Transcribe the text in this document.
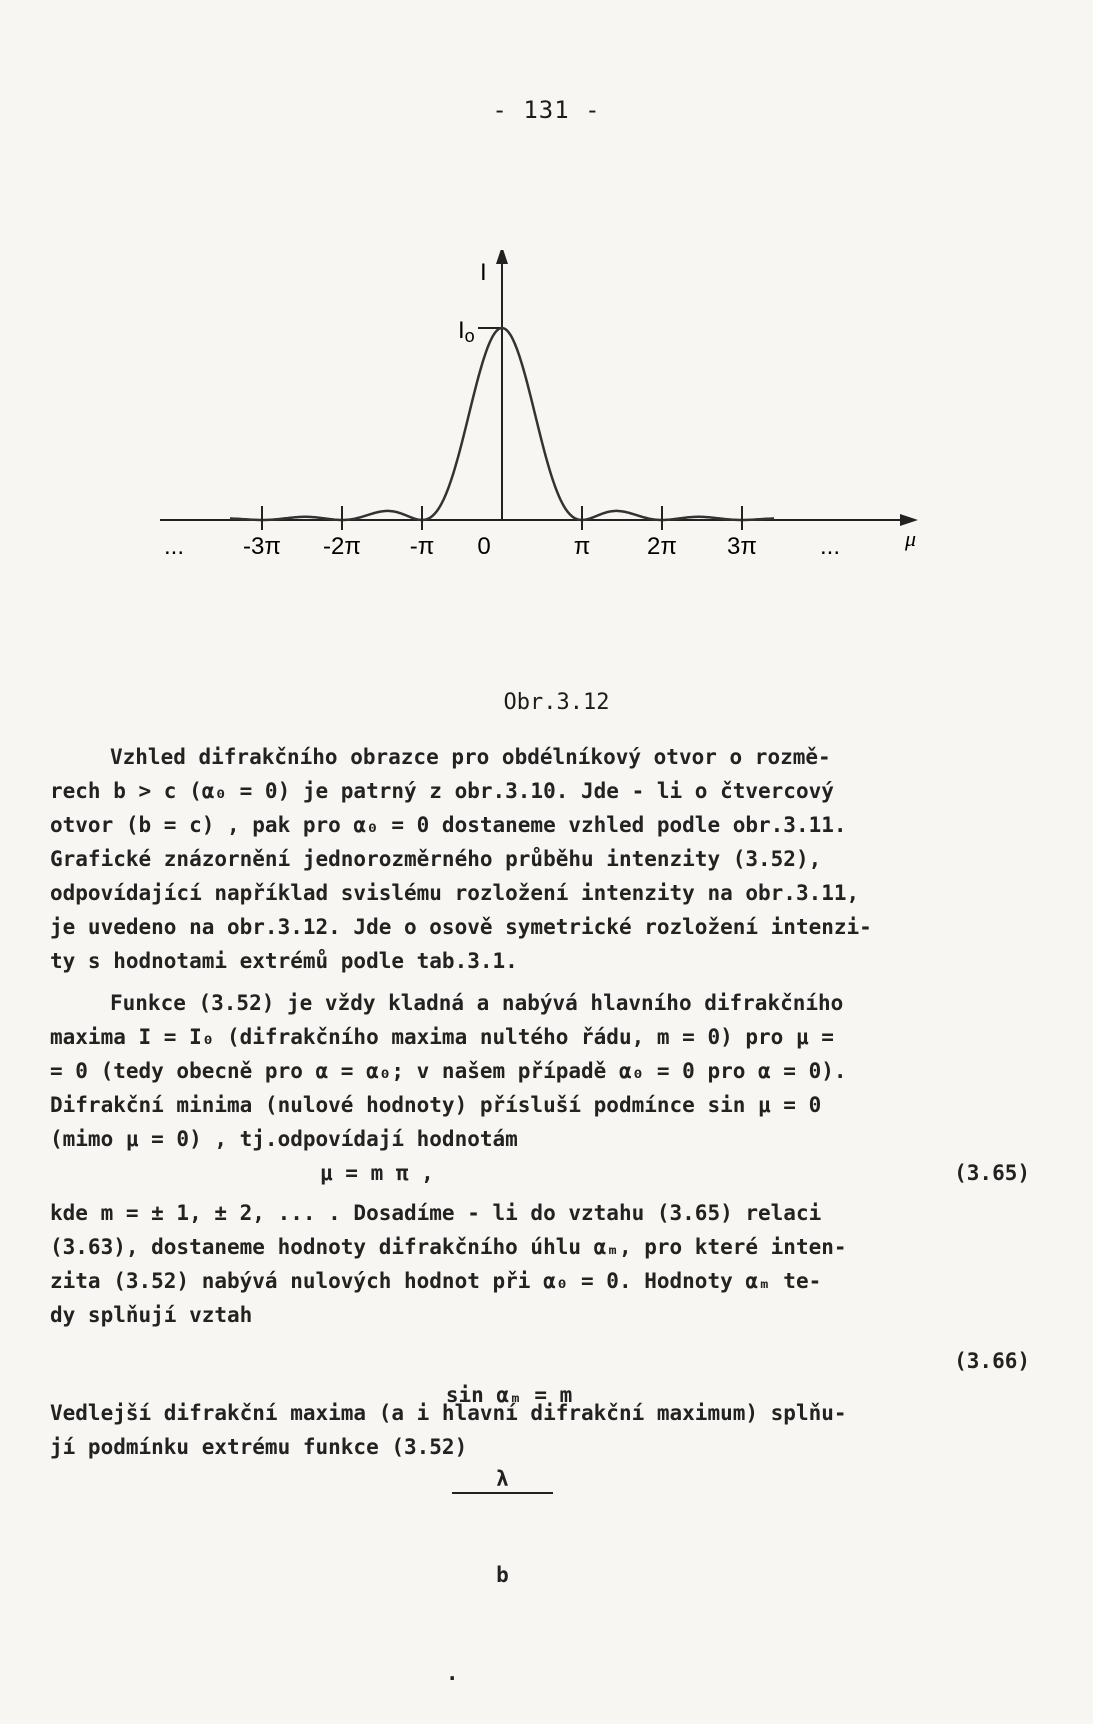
- 131 -
I
Io
... -3π -2π -π 0	π 2π 3π	...	μ
Obr.3.12
Vzhled difrakčního obrazce pro obdélníkový otvor o rozmě-
rech b > c (α₀ = 0) je patrný z obr.3.10. Jde - li o čtvercový
otvor (b = c) , pak pro α₀ = 0 dostaneme vzhled podle obr.3.11.
Grafické znázornění jednorozměrného průběhu intenzity (3.52),
odpovídající například svislému rozložení intenzity na obr.3.11,
je uvedeno na obr.3.12. Jde o osově symetrické rozložení intenzi-
ty s hodnotami extrémů podle tab.3.1.
Funkce (3.52) je vždy kladná a nabývá hlavního difrakčního
maxima I = I₀ (difrakčního maxima nultého řádu, m = 0) pro μ =
= 0 (tedy obecně pro α = α₀; v našem případě α₀ = 0 pro α = 0).
Difrakční minima (nulové hodnoty) přísluší podmínce sin μ = 0
(mimo μ = 0) , tj.odpovídají hodnotám

μ = m π ,

	(3.65)

kde m = ± 1, ± 2, ... . Dosadíme - li do vztahu (3.65) relaci
(3.63), dostaneme hodnoty difrakčního úhlu αₘ, pro které inten-
zita (3.52) nabývá nulových hodnot při α₀ = 0. Hodnoty αₘ te-
dy splňují vztah

sin αₘ = m

$\frac{\lambda}{b}$

.

(3.66)

Vedlejší difrakční maxima (a i hlavní difrakční maximum) splňu-
jí podmínku extrému funkce (3.52)
